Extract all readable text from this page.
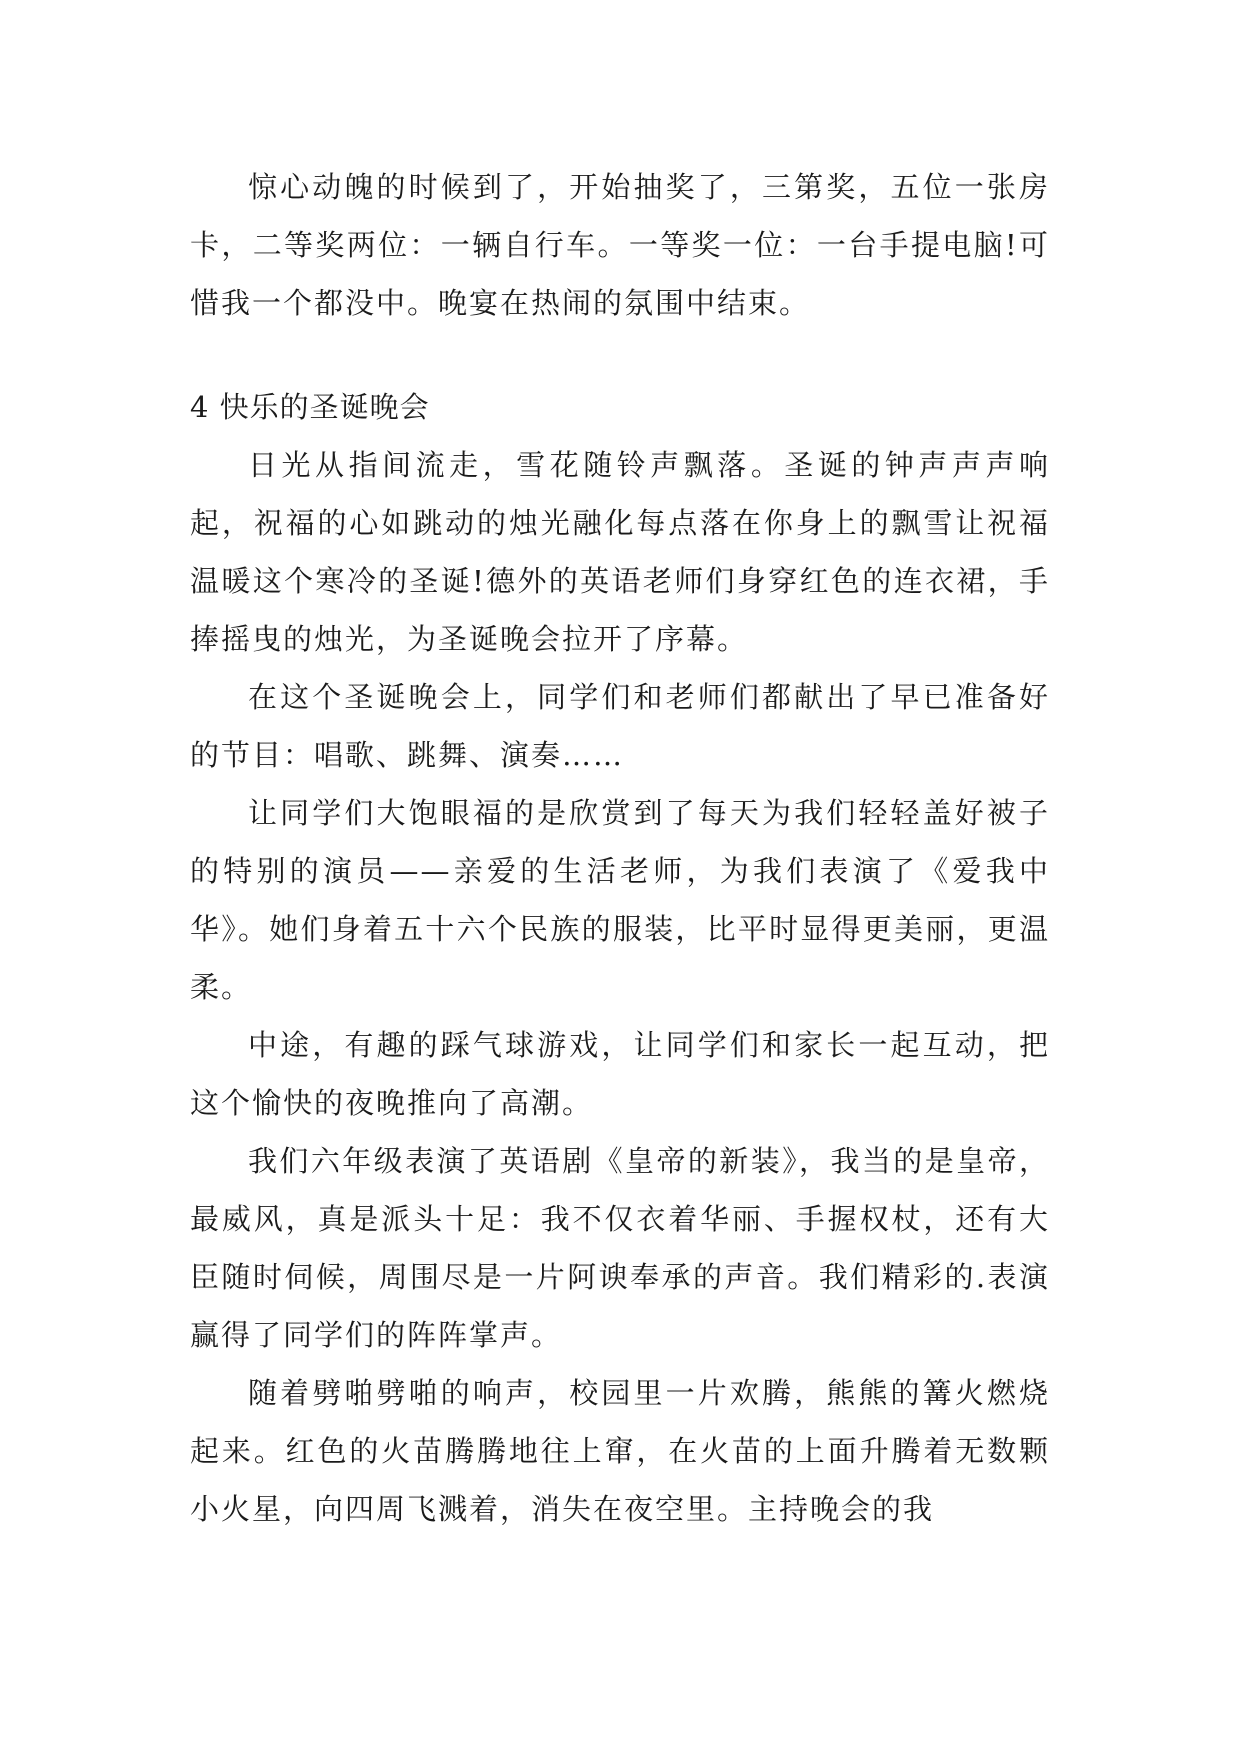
惊心动魄的时候到了，开始抽奖了，三第奖，五位一张房卡，二等奖两位：一辆自行车。一等奖一位：一台手提电脑!可惜我一个都没中。晚宴在热闹的氛围中结束。

4 快乐的圣诞晚会

日光从指间流走，雪花随铃声飘落。圣诞的钟声声声响起，祝福的心如跳动的烛光融化每点落在你身上的飘雪让祝福温暖这个寒冷的圣诞!德外的英语老师们身穿红色的连衣裙，手捧摇曳的烛光，为圣诞晚会拉开了序幕。

在这个圣诞晚会上，同学们和老师们都献出了早已准备好的节目：唱歌、跳舞、演奏……

让同学们大饱眼福的是欣赏到了每天为我们轻轻盖好被子的特别的演员——亲爱的生活老师，为我们表演了《爱我中华》。她们身着五十六个民族的服装，比平时显得更美丽，更温柔。

中途，有趣的踩气球游戏，让同学们和家长一起互动，把这个愉快的夜晚推向了高潮。

我们六年级表演了英语剧《皇帝的新装》，我当的是皇帝，最威风，真是派头十足：我不仅衣着华丽、手握权杖，还有大臣随时伺候，周围尽是一片阿谀奉承的声音。我们精彩的.表演赢得了同学们的阵阵掌声。

随着劈啪劈啪的响声，校园里一片欢腾，熊熊的篝火燃烧起来。红色的火苗腾腾地往上窜，在火苗的上面升腾着无数颗小火星，向四周飞溅着，消失在夜空里。主持晚会的我
